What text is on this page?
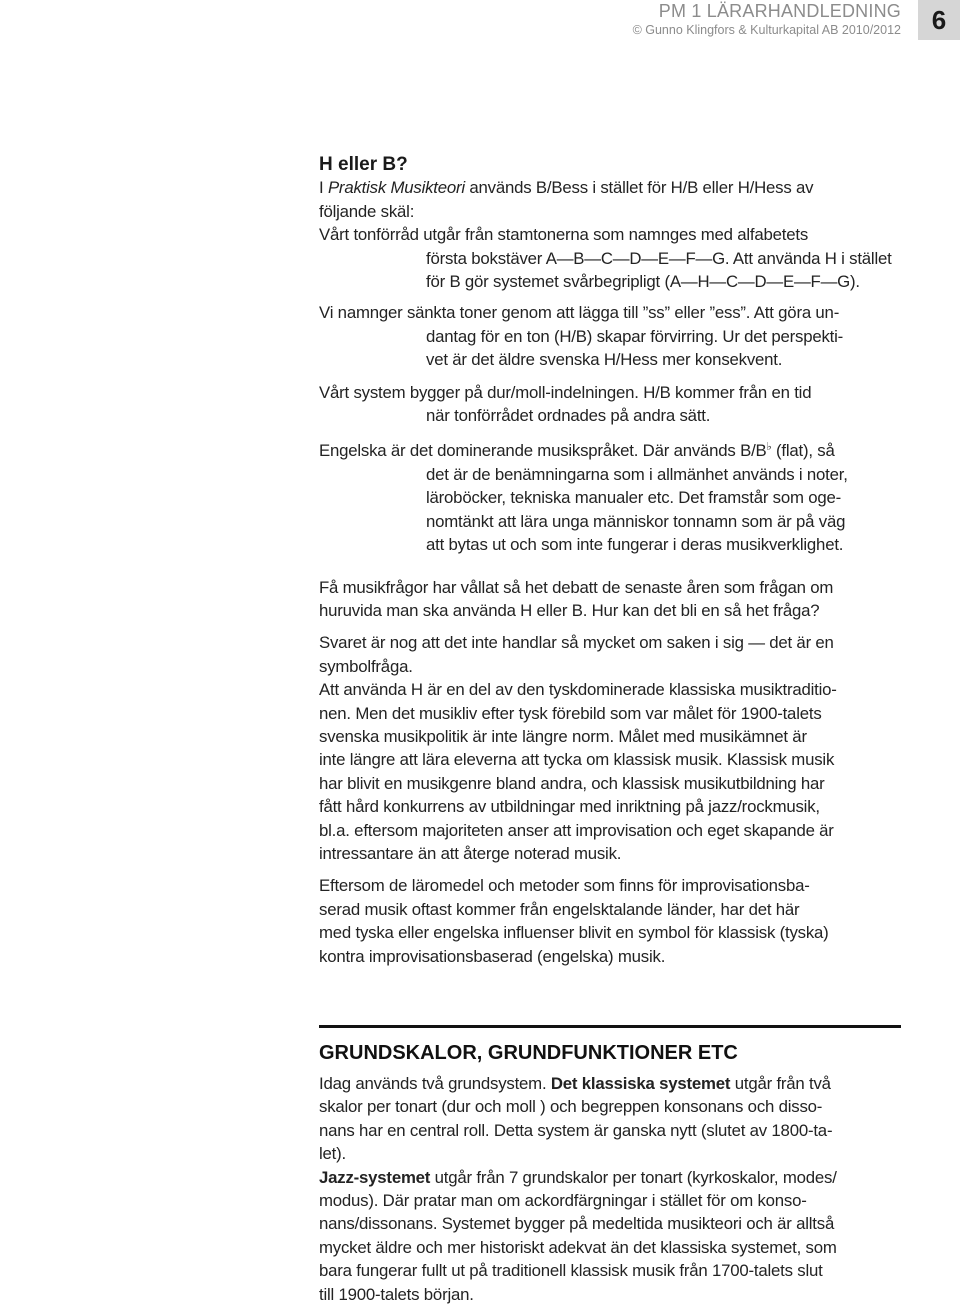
PM 1 LÄRARHANDLEDNING
© Gunno Klingfors & Kulturkapital AB 2010/2012	6
H eller B?
I Praktisk Musikteori används B/Bess i stället för H/B eller H/Hess av
följande skäl:
Vårt tonförråd utgår från stamtonerna som namnges med alfabetets
första bokstäver A—B—C—D—E—F—G. Att använda H i stället
för B gör systemet svårbegripligt (A—H—C—D—E—F—G).
Vi namnger sänkta toner genom att lägga till ”ss” eller ”ess”. Att göra un-
dantag för en ton (H/B) skapar förvirring. Ur det perspekti-
vet är det äldre svenska H/Hess mer konsekvent.
Vårt system bygger på dur/moll-indelningen. H/B kommer från en tid
när tonförrådet ordnades på andra sätt.
Engelska är det dominerande musikspråket. Där används B/B♭ (flat), så
det är de benämningarna som i allmänhet används i noter,
läroböcker, tekniska manualer etc. Det framstår som oge-
nomtänkt att lära unga människor tonnamn som är på väg
att bytas ut och som inte fungerar i deras musikverklighet.
Få musikfrågor har vållat så het debatt de senaste åren som frågan om
huruvida man ska använda H eller B. Hur kan det bli en så het fråga?
Svaret är nog att det inte handlar så mycket om saken i sig — det är en
symbolfråga.
Att använda H är en del av den tyskdominerade klassiska musiktraditio-
nen. Men det musikliv efter tysk förebild som var målet för 1900-talets
svenska musikpolitik är inte längre norm. Målet med musikämnet är
inte längre att lära eleverna att tycka om klassisk musik. Klassisk musik
har blivit en musikgenre bland andra, och klassisk musikutbildning har
fått hård konkurrens av utbildningar med inriktning på jazz/rockmusik,
bl.a. eftersom majoriteten anser att improvisation och eget skapande är
intressantare än att återge noterad musik.
Eftersom de läromedel och metoder som finns för improvisationsba-
serad musik oftast kommer från engelsktalande länder, har det här
med tyska eller engelska influenser blivit en symbol för klassisk (tyska)
kontra improvisationsbaserad (engelska) musik.
GRUNDSKALOR, GRUNDFUNKTIONER ETC
Idag används två grundsystem. Det klassiska systemet utgår från två
skalor per tonart (dur och moll ) och begreppen konsonans och disso-
nans har en central roll. Detta system är ganska nytt (slutet av 1800-ta-
let).
Jazz-systemet utgår från 7 grundskalor per tonart (kyrkoskalor, modes/
modus). Där pratar man om ackordfärgningar i stället för om konso-
nans/dissonans. Systemet bygger på medeltida musikteori och är alltså
mycket äldre och mer historiskt adekvat än det klassiska systemet, som
bara fungerar fullt ut på traditionell klassisk musik från 1700-talets slut
till 1900-talets början.
